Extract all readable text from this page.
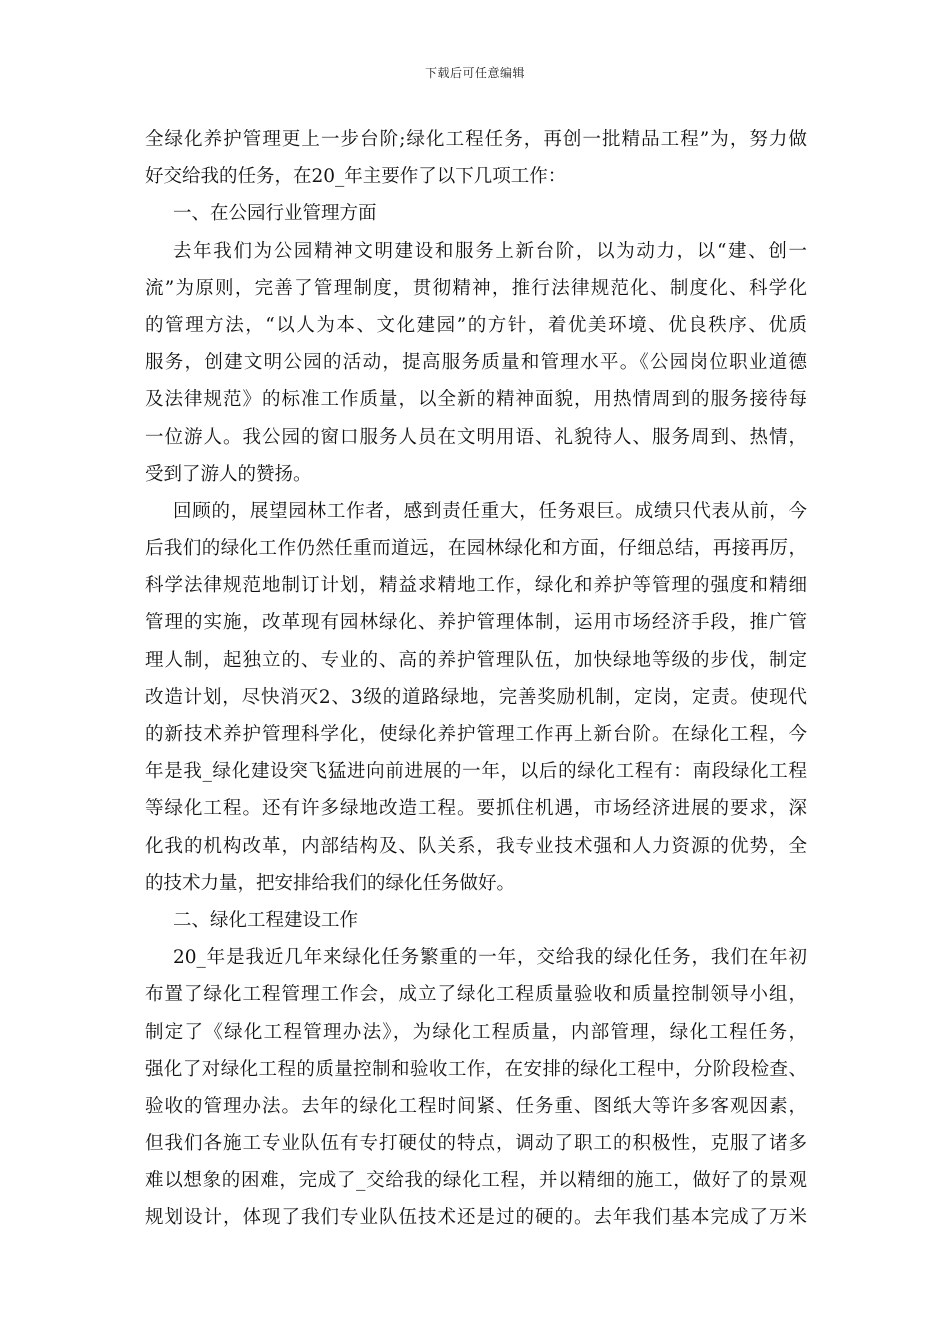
下载后可任意编辑
全绿化养护管理更上一步台阶;绿化工程任务，再创一批精品工程”为，努力做
好交给我的任务，在20_年主要作了以下几项工作：
一、在公园行业管理方面
去年我们为公园精神文明建设和服务上新台阶，以为动力，以“建、创一
流”为原则，完善了管理制度，贯彻精神，推行法律规范化、制度化、科学化
的管理方法，“以人为本、文化建园”的方针，着优美环境、优良秩序、优质
服务，创建文明公园的活动，提高服务质量和管理水平。《公园岗位职业道德
及法律规范》的标准工作质量，以全新的精神面貌，用热情周到的服务接待每
一位游人。我公园的窗口服务人员在文明用语、礼貌待人、服务周到、热情，
受到了游人的赞扬。
回顾的，展望园林工作者，感到责任重大，任务艰巨。成绩只代表从前，今
后我们的绿化工作仍然任重而道远，在园林绿化和方面，仔细总结，再接再厉，
科学法律规范地制订计划，精益求精地工作，绿化和养护等管理的强度和精细
管理的实施，改革现有园林绿化、养护管理体制，运用市场经济手段，推广管
理人制，起独立的、专业的、高的养护管理队伍，加快绿地等级的步伐，制定
改造计划，尽快消灭2、3级的道路绿地，完善奖励机制，定岗，定责。使现代
的新技术养护管理科学化，使绿化养护管理工作再上新台阶。在绿化工程，今
年是我_绿化建设突飞猛进向前进展的一年，以后的绿化工程有：南段绿化工程
等绿化工程。还有许多绿地改造工程。要抓住机遇，市场经济进展的要求，深
化我的机构改革，内部结构及、队关系，我专业技术强和人力资源的优势，全
的技术力量，把安排给我们的绿化任务做好。
二、绿化工程建设工作
20_年是我近几年来绿化任务繁重的一年，交给我的绿化任务，我们在年初
布置了绿化工程管理工作会，成立了绿化工程质量验收和质量控制领导小组，
制定了《绿化工程管理办法》，为绿化工程质量，内部管理，绿化工程任务，
强化了对绿化工程的质量控制和验收工作，在安排的绿化工程中，分阶段检查、
验收的管理办法。去年的绿化工程时间紧、任务重、图纸大等许多客观因素，
但我们各施工专业队伍有专打硬仗的特点，调动了职工的积极性，克服了诸多
难以想象的困难，完成了_交给我的绿化工程，并以精细的施工，做好了的景观
规划设计，体现了我们专业队伍技术还是过的硬的。去年我们基本完成了万米
